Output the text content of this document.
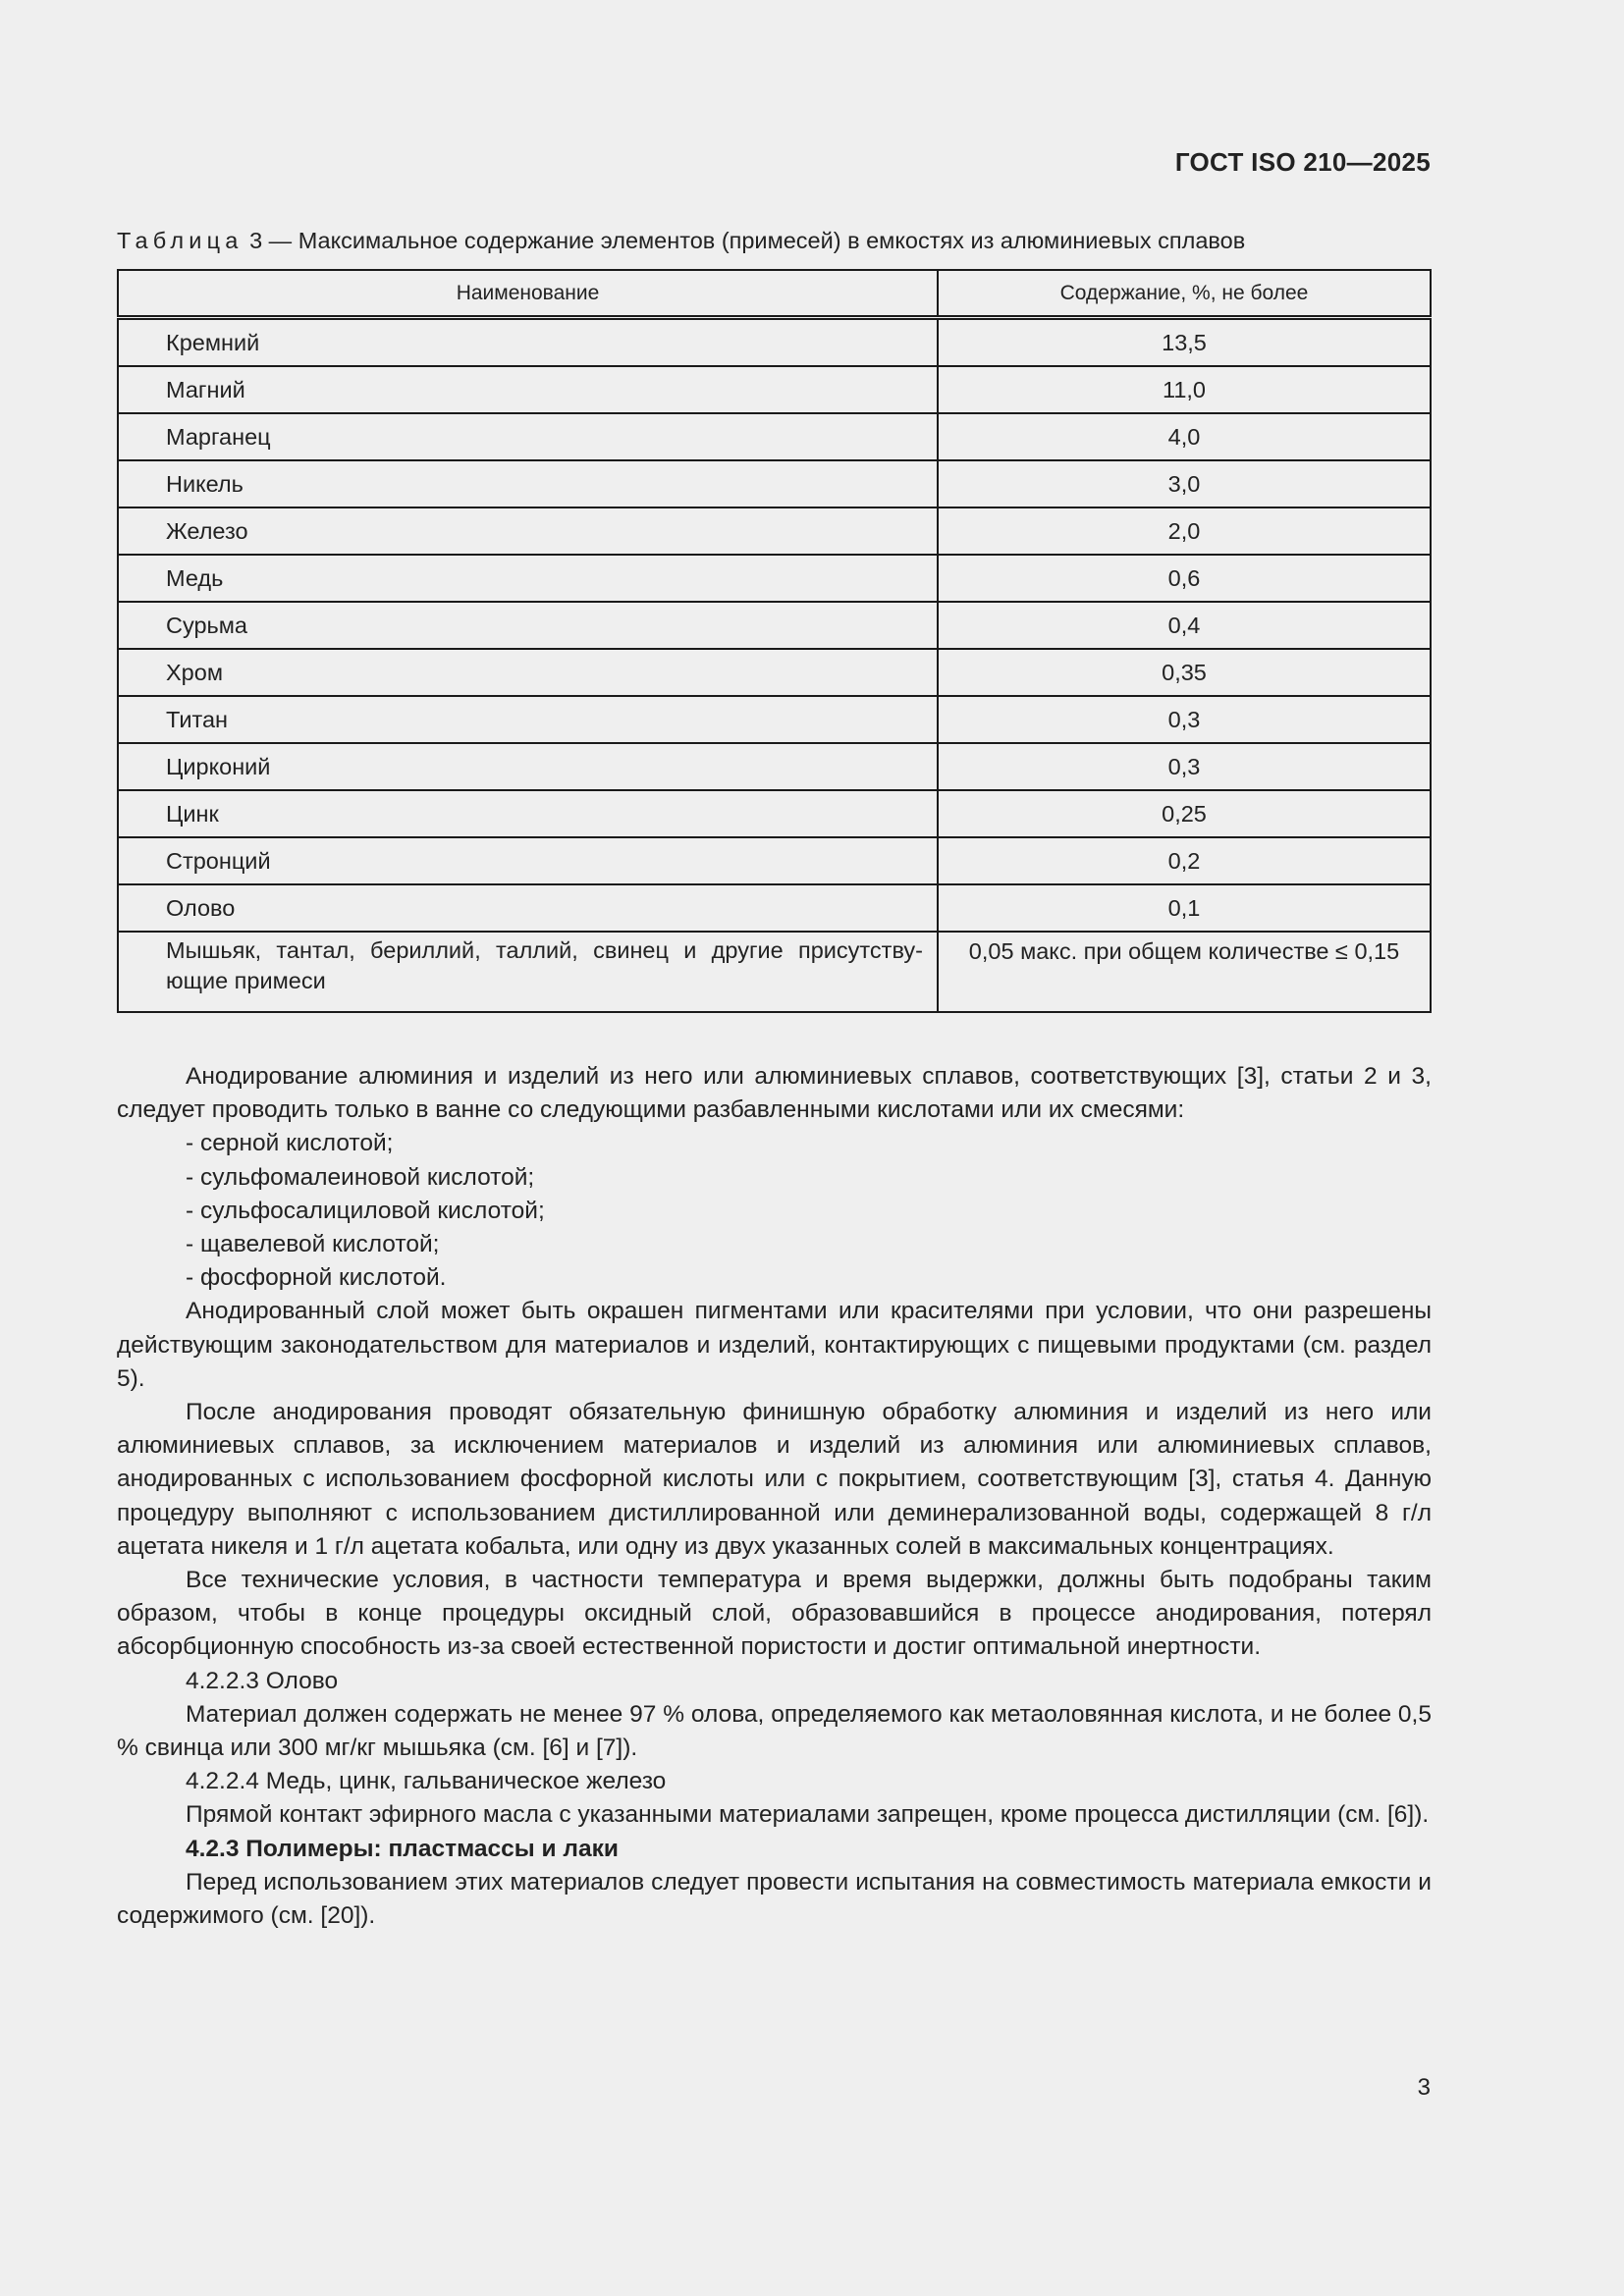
ГОСТ ISO 210—2025
Таблица 3 — Максимальное содержание элементов (примесей) в емкостях из алюминиевых сплавов
Наименование	Содержание, %, не более
Кремний	13,5
Магний	11,0
Марганец	4,0
Никель	3,0
Железо	2,0
Медь	0,6
Сурьма	0,4
Хром	0,35
Титан	0,3
Цирконий	0,3
Цинк	0,25
Стронций	0,2
Олово	0,1
Мышьяк, тантал, бериллий, таллий, свинец и другие присутству-ющие примеси	0,05 макс. при общем количестве ≤ 0,15

Анодирование алюминия и изделий из него или алюминиевых сплавов, соответствующих [3], статьи 2 и 3, следует проводить только в ванне со следующими разбавленными кислотами или их смесями:

- серной кислотой;
- сульфомалеиновой кислотой;
- сульфосалициловой кислотой;
- щавелевой кислотой;
- фосфорной кислотой.

Анодированный слой может быть окрашен пигментами или красителями при условии, что они разрешены действующим законодательством для материалов и изделий, контактирующих с пищевыми продуктами (см. раздел 5).

После анодирования проводят обязательную финишную обработку алюминия и изделий из него или алюминиевых сплавов, за исключением материалов и изделий из алюминия или алюминиевых сплавов, анодированных с использованием фосфорной кислоты или с покрытием, соответствующим [3], статья 4. Данную процедуру выполняют с использованием дистиллированной или деминерализованной воды, содержащей 8 г/л ацетата никеля и 1 г/л ацетата кобальта, или одну из двух указанных солей в максимальных концентрациях.

Все технические условия, в частности температура и время выдержки, должны быть подобраны таким образом, чтобы в конце процедуры оксидный слой, образовавшийся в процессе анодирования, потерял абсорбционную способность из-за своей естественной пористости и достиг оптимальной инертности.

4.2.2.3 Олово

Материал должен содержать не менее 97 % олова, определяемого как метаоловянная кислота, и не более 0,5 % свинца или 300 мг/кг мышьяка (см. [6] и [7]).

4.2.2.4 Медь, цинк, гальваническое железо

Прямой контакт эфирного масла с указанными материалами запрещен, кроме процесса дистилляции (см. [6]).

4.2.3 Полимеры: пластмассы и лаки

Перед использованием этих материалов следует провести испытания на совместимость материала емкости и содержимого (см. [20]).

3
